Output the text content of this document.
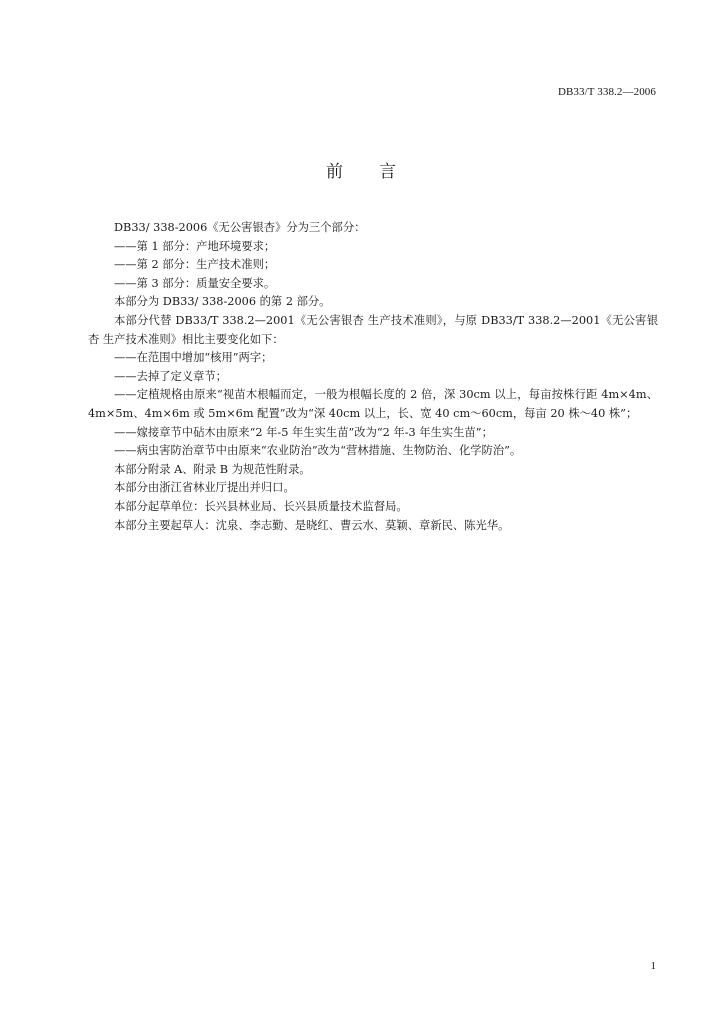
DB33/T 338.2—2006
前 言

DB33/ 338-2006《无公害银杏》分为三个部分：

——第 1 部分：产地环境要求；

——第 2 部分：生产技术准则；

——第 3 部分：质量安全要求。

本部分为 DB33/ 338-2006 的第 2 部分。

本部分代替 DB33/T 338.2—2001《无公害银杏 生产技术准则》，与原 DB33/T 338.2—2001《无公害银杏 生产技术准则》相比主要变化如下：

——在范围中增加“核用”两字；

——去掉了定义章节；

——定植规格由原来“视苗木根幅而定，一般为根幅长度的 2 倍，深 30cm 以上，每亩按株行距 4m×4m、4m×5m、4m×6m 或 5m×6m 配置”改为“深 40cm 以上，长、宽 40 cm～60cm，每亩 20 株～40 株”；

——嫁接章节中砧木由原来“2 年-5 年生实生苗”改为“2 年-3 年生实生苗”；

——病虫害防治章节中由原来“农业防治”改为“营林措施、生物防治、化学防治”。

本部分附录 A、附录 B 为规范性附录。

本部分由浙江省林业厅提出并归口。

本部分起草单位：长兴县林业局、长兴县质量技术监督局。

本部分主要起草人：沈泉、李志勤、是晓红、曹云水、莫颖、章新民、陈光华。

1
